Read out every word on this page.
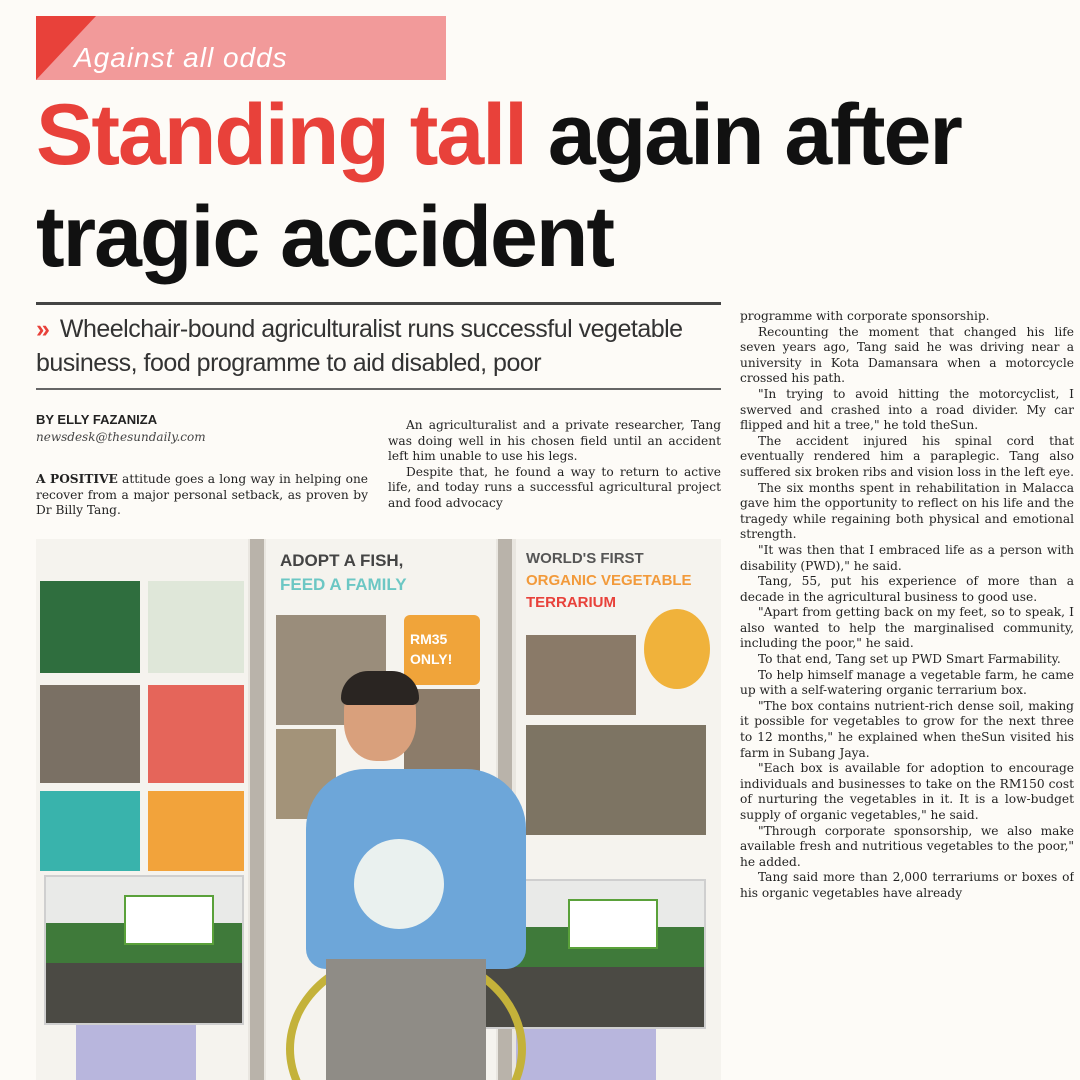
Against all odds
Standing tall again after tragic accident
» Wheelchair-bound agriculturalist runs successful vegetable business, food programme to aid disabled, poor
BY ELLY FAZANIZA
newsdesk@thesundaily.com

A POSITIVE attitude goes a long way in helping one recover from a major personal setback, as proven by Dr Billy Tang.

An agriculturalist and a private researcher, Tang was doing well in his chosen field until an accident left him unable to use his legs.

Despite that, he found a way to return to active life, and today runs a successful agricultural project and food advocacy

programme with corporate sponsorship.

Recounting the moment that changed his life seven years ago, Tang said he was driving near a university in Kota Damansara when a motorcycle crossed his path.

"In trying to avoid hitting the motorcyclist, I swerved and crashed into a road divider. My car flipped and hit a tree," he told theSun.

The accident injured his spinal cord that eventually rendered him a paraplegic. Tang also suffered six broken ribs and vision loss in the left eye.

The six months spent in rehabilitation in Malacca gave him the opportunity to reflect on his life and the tragedy while regaining both physical and emotional strength.

"It was then that I embraced life as a person with disability (PWD)," he said.

Tang, 55, put his experience of more than a decade in the agricultural business to good use.

"Apart from getting back on my feet, so to speak, I also wanted to help the marginalised community, including the poor," he said.

To that end, Tang set up PWD Smart Farmability.

To help himself manage a vegetable farm, he came up with a self-watering organic terrarium box.

"The box contains nutrient-rich dense soil, making it possible for vegetables to grow for the next three to 12 months," he explained when theSun visited his farm in Subang Jaya.

"Each box is available for adoption to encourage individuals and businesses to take on the RM150 cost of nurturing the vegetables in it. It is a low-budget supply of organic vegetables," he said.

"Through corporate sponsorship, we also make available fresh and nutritious vegetables to the poor," he added.

Tang said more than 2,000 terrariums or boxes of his organic vegetables have already

ADOPT A FISH,
FEED A FAMILY
RM35 ONLY!
WORLD'S FIRST
ORGANIC VEGETABLE
TERRARIUM
